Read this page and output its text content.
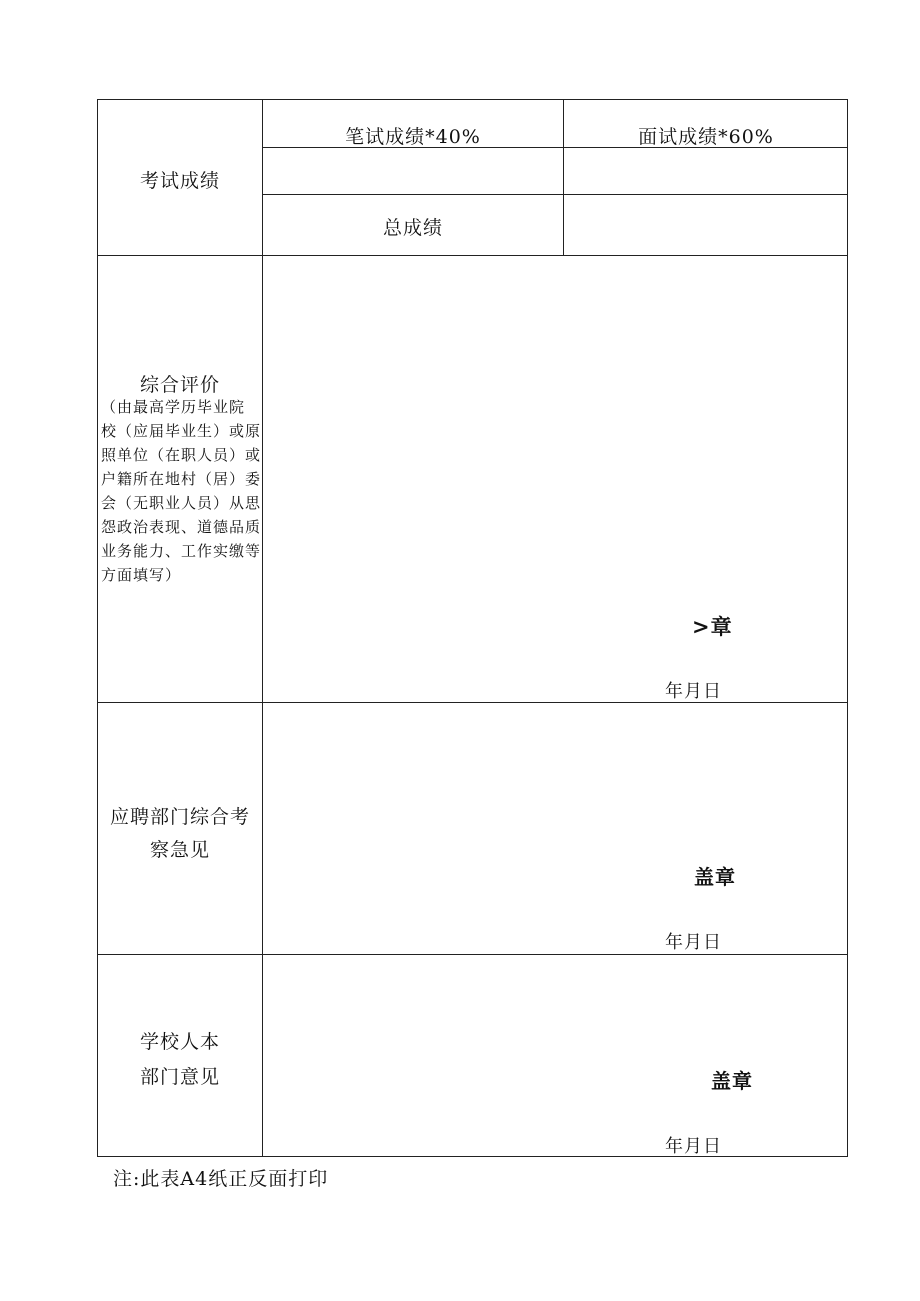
考试成绩
笔试成绩*40%	面试成绩*60%
总成绩
综合评价
（由最高学历毕业院
校（应届毕业生）或原
照单位（在职人员）或
户籍所在地村（居）委
会（无职业人员）从思
怨政治表现、道德品质
业务能力、工作实缴等
方面填写）
>章
年月日
应聘部门综合考
察急见
盖章
年月日
学校人本
部门意见	盖章
年月日
注:此表A4纸正反面打印
